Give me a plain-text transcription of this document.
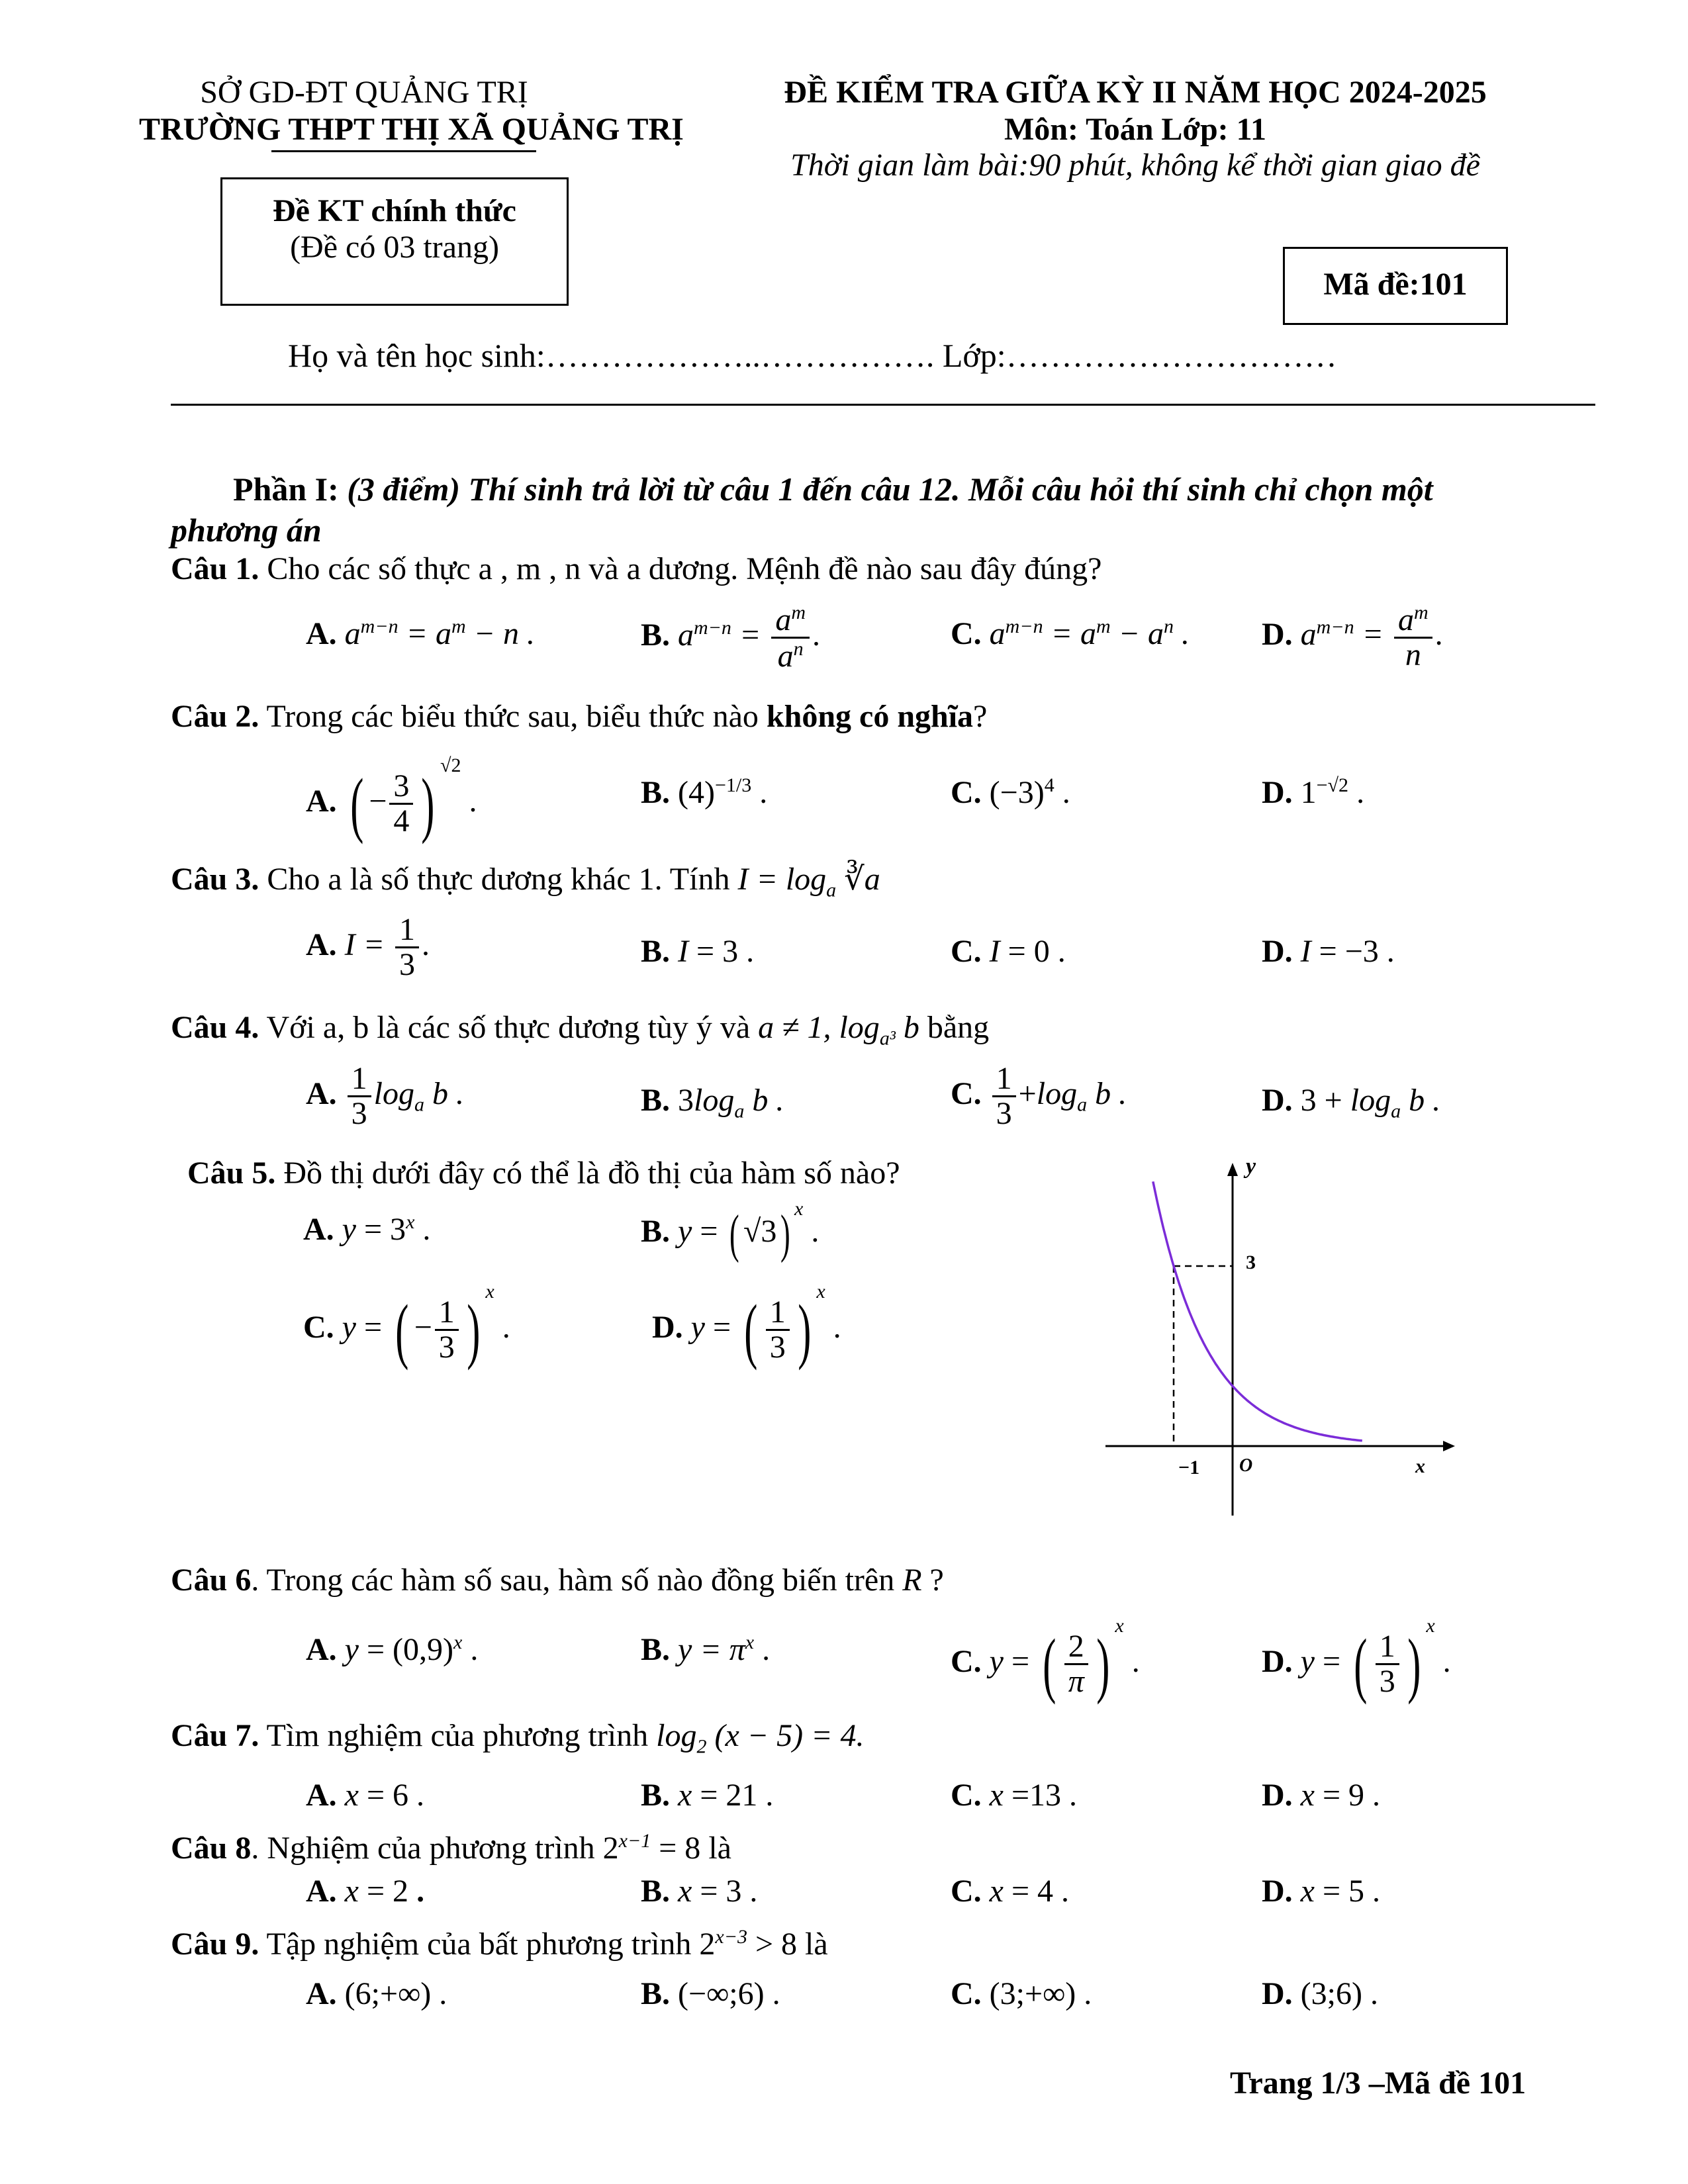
SỞ GD-ĐT QUẢNG TRỊ
TRƯỜNG THPT THỊ XÃ QUẢNG TRỊ
ĐỀ KIỂM TRA GIỮA KỲ II NĂM HỌC 2024-2025
Môn: Toán Lớp: 11
Thời gian làm bài:90 phút, không kể thời gian giao đề
Đề KT chính thức
(Đề có 03 trang)
Mã đề:101
Họ và tên học sinh:………………..……………. Lớp:…………………………
Phần I: (3 điểm) Thí sinh trả lời từ câu 1 đến câu 12. Mỗi câu hỏi thí sinh chỉ chọn một
phương án
Câu 1. Cho các số thực a , m , n và a dương. Mệnh đề nào sau đây đúng?
A. $a^{m-n} = a^m - n$ .	B. $a^{m-n} = \frac{a^m}{a^n}$ .	C. $a^{m-n} = a^m - a^n$ . D. $a^{m-n} = \frac{a^m}{n}$ .
Câu 2. Trong các biểu thức sau, biểu thức nào không có nghĩa?
A. ( − $\frac{3}{4}$ ) $^{√2}$ .	B. $(4)^{-1/3}$ .	C. $(-3)^4$ .	D. $1^{-√2}$ .
Câu 3. Cho a là số thực dương khác 1. Tính $I = \log_a$ ∛a
A. $I = \frac{1}{3}$ .	B. I = 3 .	C. I = 0 .	D. I = −3 .
Câu 4. Với a, b là các số thực dương tùy ý và a ≠ 1, $\log_{a^3} b$ bằng
A. $\frac{1}{3} \log_a b$ .	B. $3\log_a$ b .	C. $\frac{1}{3} +\log_a$ b .	D. $3 + \log_a b$ .
Câu 5. Đồ thị dưới đây có thể là đồ thị của hàm số nào?
A. $y = 3^x$ .	B. y = ( √3) $^x$ .
C. y = ( − $\frac{1}{3}$ ) $^x$ .	D. y = ( $\frac{1}{3}$ ) $^x$ .
y
3
O
−1	x
Câu 6. Trong các hàm số sau, hàm số nào đồng biến trên R ?
A. $y = (0,9)^x$ .	B. $y = \pi^x$ .	C. y = ( $\frac{2}{\pi}$ ) $^x$ .	D. y = ( $\frac{1}{3}$ ) $^x$ .
Câu 7. Tìm nghiệm của phương trình $\log_2 (x - 5) = 4$.
A. x = 6 .	B. x = 21 .	C. x =13 .	D. x = 9 .
Câu 8. Nghiệm của phương trình $2^{x-1} = 8$ là
A. x = 2 .	B. x = 3 .	C. x = 4 .	D. x = 5 .
Câu 9. Tập nghiệm của bất phương trình $2^{x-3} > 8$ là
A. (6;+∞) .	B. (−∞;6) .	C. (3;+∞) .	D. (3;6) .
Trang 1/3 –Mã đề 101
